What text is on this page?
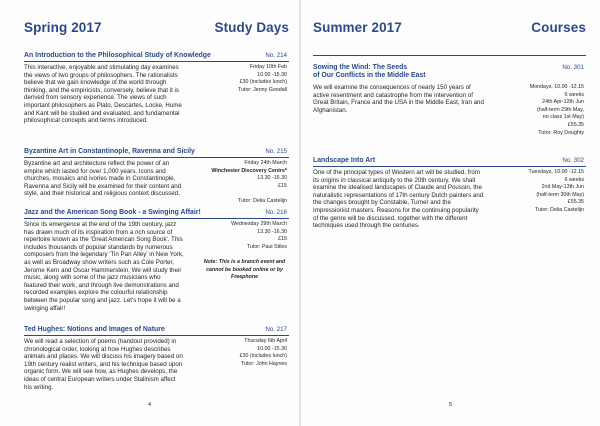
Spring 2017	Study Days
An Introduction to the Philosophical Study of Knowledge	No. 214
This interactive, enjoyable and stimulating day examines the views of two groups of philosophers. The rationalists believe that we gain knowledge of the world through thinking, and the empiricists, conversely, believe that it is derived from sensory experience. The views of such important philosophers as Plato, Descartes, Locke, Hume and Kant will be studied and evaluated, and fundamental philosophical concepts and terms introduced.
Friday 10th Feb
10.00 -15.30
£30 (includes lunch)
Tutor: Jenny Goodall
Byzantine Art in Constantinople, Ravenna and Sicily	No. 215
Byzantine art and architecture reflect the power of an empire which lasted for over 1,000 years. Icons and churches, mosaics and ivories made in Constantinople, Ravenna and Sicily will be examined for their content and style, and their historical and religious context discussed.
Friday 24th March
Winchester Discovery Centre*
13.30 -16.30
£15
Tutor: Delia Castelijn
Jazz and the American Song Book - a Swinging Affair!	No. 216
Since its emergence at the end of the 19th century, jazz has drawn much of its inspiration from a rich source of repertoire known as the 'Great American Song Book'. This includes thousands of popular standards by numerous composers from the legendary 'Tin Pan Alley' in New York, as well as Broadway show writers such as Cole Porter, Jerome Kern and Oscar Hammerstein. We will study their music, along with some of the jazz musicians who featured their work, and through live demonstrations and recorded examples explore the colourful relationship between the popular song and jazz. Let's hope it will be a swinging affair!
Wednesday 29th March
13.30 -16.30
£15
Tutor: Paul Stiles
Note: This is a branch event and cannot be booked online or by Freephone
Ted Hughes: Notions and Images of Nature	No. 217
We will read a selection of poems (handout provided) in chronological order, looking at how Hughes describes animals and places. We will discuss his imagery based on 19th century realist writers, and his technique based upon organic form. We will see how, as Hughes develops, the ideas of central European writers under Stalinism affect his writing.
Thursday 6th April
10.00 -15.30
£30 (includes lunch)
Tutor: John Haynes
4
Summer 2017	Courses
Sowing the Wind: The Seeds
of Our Conflicts in the Middle East
No. 301
We will examine the consequences of nearly 150 years of active resentment and catastrophe from the intervention of Great Britain, France and the USA in the Middle East, Iran and Afghanistan.
Mondays, 10.00 -12.15
6 weeks
24th Apr-12th Jun
(half-term 29th May,
no class 1st May)
£55.35
Tutor: Roy Doughty
Landscape Into Art	No. 302
One of the principal types of Western art will be studied, from its origins in classical antiquity to the 20th century. We shall examine the idealised landscapes of Claude and Poussin, the naturalistic representations of 17th century Dutch painters and the changes brought by Constable, Turner and the Impressionist masters. Reasons for the continuing popularity of the genre will be discussed, together with the different techniques used through the centuries.
Tuesdays, 10.00 -12.15
6 weeks
2nd May-13th Jun
(half-term 30th May)
£55.35
Tutor: Delia Castelijn
5
